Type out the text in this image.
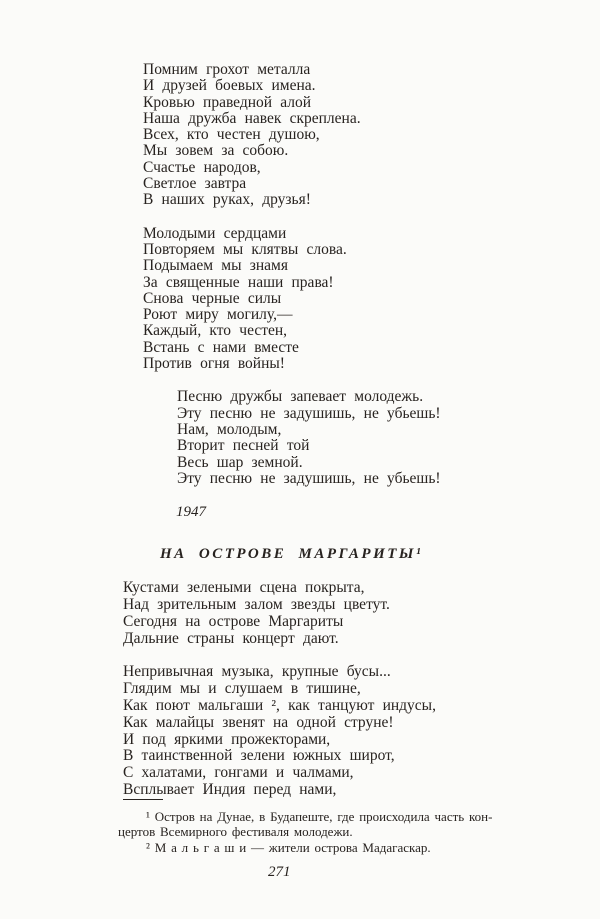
Помним грохот металла
И друзей боевых имена.
Кровью праведной алой
Наша дружба навек скреплена.
Всех, кто честен душою,
Мы зовем за собою.
Счастье народов,
Светлое завтра
В наших руках, друзья!
Молодыми сердцами
Повторяем мы клятвы слова.
Подымаем мы знамя
За священные наши права!
Снова черные силы
Роют миру могилу,—
Каждый, кто честен,
Встань с нами вместе
Против огня войны!
Песню дружбы запевает молодежь.
Эту песню не задушишь, не убьешь!
Нам, молодым,
Вторит песней той
Весь шар земной.
Эту песню не задушишь, не убьешь!
1947
НА ОСТРОВЕ МАРГАРИТЫ¹
Кустами зелеными сцена покрыта,
Над зрительным залом звезды цветут.
Сегодня на острове Маргариты
Дальние страны концерт дают.
Непривычная музыка, крупные бусы...
Глядим мы и слушаем в тишине,
Как поют мальгаши ², как танцуют индусы,
Как малайцы звенят на одной струне!
И под яркими прожекторами,
В таинственной зелени южных широт,
С халатами, гонгами и чалмами,
Всплывает Индия перед нами,
¹ Остров на Дунае, в Будапеште, где происходила часть кон-
цертов Всемирного фестиваля молодежи.
² М а л ь г а ш и — жители острова Мадагаскар.
271
